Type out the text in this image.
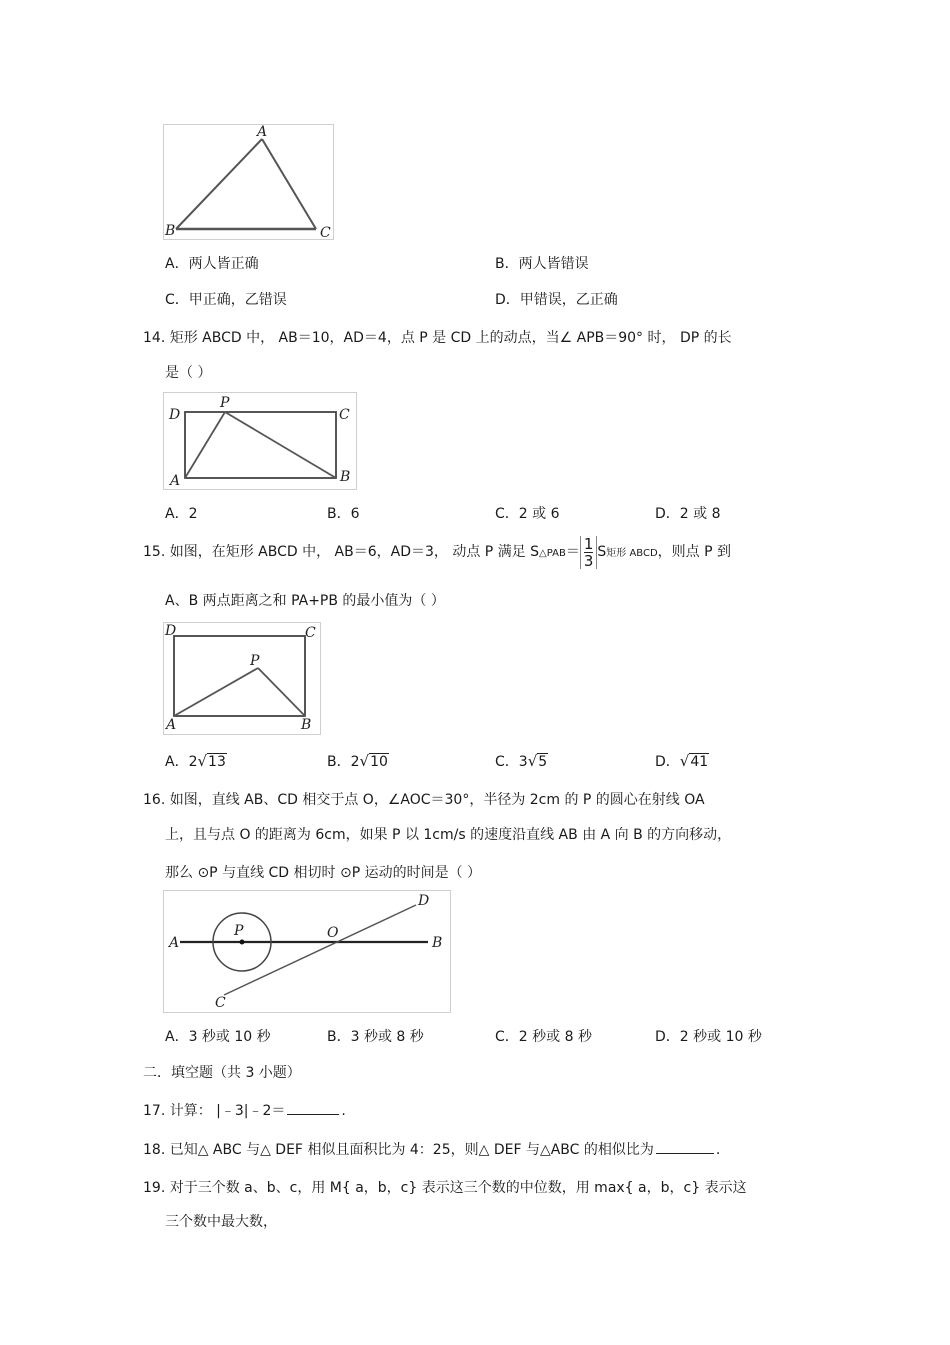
A
B	C
A．两人皆正确	B．两人皆错误
C．甲正确，乙错误	D．甲错误，乙正确
14. 矩形 ABCD 中， AB＝10，AD＝4，点 P 是 CD 上的动点，当∠ APB＝90° 时， DP 的长
是（ ）
D
P
C
A	B
A．2	B．6	C．2 或 6	D．2 或 8
15. 如图，在矩形 ABCD 中， AB＝6，AD＝3， 动点 P 满足 S△PAB＝ $\frac{1}{3}$ S矩形 ABCD，则点 P 到
A、B 两点距离之和 PA+PB 的最小值为（ ）
D	C
P
A	B
A．2√13	B．2√10	C．3√5	D．√41
16. 如图，直线 AB、CD 相交于点 O，∠AOC＝30°，半径为 2cm 的 P 的圆心在射线 OA
上，且与点 O 的距离为 6cm，如果 P 以 1cm/s 的速度沿直线 AB 由 A 向 B 的方向移动，
那么 ⊙P 与直线 CD 相切时 ⊙P 运动的时间是（ ）
A
P	O
B
C
D
A．3 秒或 10 秒	B．3 秒或 8 秒	C．2 秒或 8 秒	D．2 秒或 10 秒
二．填空题（共 3 小题）
17. 计算： |﹣3|﹣2＝	.
18. 已知△ ABC 与△ DEF 相似且面积比为 4：25，则△ DEF 与△ABC 的相似比为	.
19. 对于三个数 a、b、c，用 M{ a，b，c} 表示这三个数的中位数，用 max{ a，b，c} 表示这
三个数中最大数，
